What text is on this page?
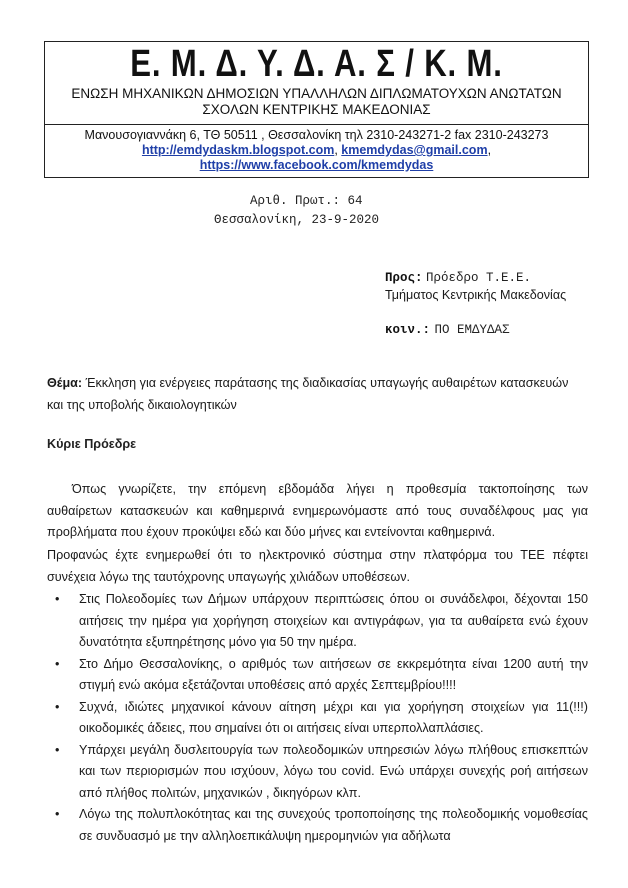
Ε. Μ. Δ. Υ. Δ. Α. Σ / Κ. Μ.
ΕΝΩΣΗ ΜΗΧΑΝΙΚΩΝ ΔΗΜΟΣΙΩΝ ΥΠΑΛΛΗΛΩΝ ΔΙΠΛΩΜΑΤΟΥΧΩΝ ΑΝΩΤΑΤΩΝ
ΣΧΟΛΩΝ ΚΕΝΤΡΙΚΗΣ ΜΑΚΕΔΟΝΙΑΣ
Μανουσογιαννάκη 6, ΤΘ 50511 , Θεσσαλονίκη τηλ 2310-243271-2 fax 2310-243273
http://emdydaskm.blogspot.com, kmemdydas@gmail.com,
https://www.facebook.com/kmemdydas
Αριθ. Πρωτ.: 64
Θεσσαλονίκη, 23-9-2020
Προς: Πρόεδρο Τ.Ε.Ε.
Τμήματος Κεντρικής Μακεδονίας
κοιν.: ΠΟ ΕΜΔΥΔΑΣ
Θέμα: Έκκληση για ενέργειες παράτασης της διαδικασίας υπαγωγής αυθαιρέτων κατασκευών
και της υποβολής δικαιολογητικών
Κύριε Πρόεδρε
Όπως γνωρίζετε, την επόμενη εβδομάδα λήγει η προθεσμία τακτοποίησης των
αυθαίρετων κατασκευών και καθημερινά ενημερωνόμαστε από τους συναδέλφους μας για
προβλήματα που έχουν προκύψει εδώ και δύο μήνες και εντείνονται καθημερινά.
Προφανώς έχτε ενημερωθεί ότι το ηλεκτρονικό σύστημα στην πλατφόρμα του ΤΕΕ πέφτει
συνέχεια λόγω της ταυτόχρονης υπαγωγής χιλιάδων υποθέσεων.
• Στις Πολεοδομίες των Δήμων υπάρχουν περιπτώσεις όπου οι συνάδελφοι, δέχονται 150 αιτήσεις την ημέρα για χορήγηση στοιχείων και αντιγράφων, για τα αυθαίρετα ενώ έχουν δυνατότητα εξυπηρέτησης μόνο για 50 την ημέρα.
• Στο Δήμο Θεσσαλονίκης, ο αριθμός των αιτήσεων σε εκκρεμότητα είναι 1200 αυτή την στιγμή ενώ ακόμα εξετάζονται υποθέσεις από αρχές Σεπτεμβρίου!!!!
• Συχνά, ιδιώτες μηχανικοί κάνουν αίτηση μέχρι και για χορήγηση στοιχείων για 11(!!!) οικοδομικές άδειες, που σημαίνει ότι οι αιτήσεις είναι υπερπολλαπλάσιες.
• Υπάρχει μεγάλη δυσλειτουργία των πολεοδομικών υπηρεσιών λόγω πλήθους επισκεπτών και των περιορισμών που ισχύουν, λόγω του covid. Ενώ υπάρχει συνεχής ροή αιτήσεων από πλήθος πολιτών, μηχανικών , δικηγόρων κλπ.
• Λόγω της πολυπλοκότητας και της συνεχούς τροποποίησης της πολεοδομικής νομοθεσίας σε συνδυασμό με την αλληλοεπικάλυψη ημερομηνιών για αδήλωτα
